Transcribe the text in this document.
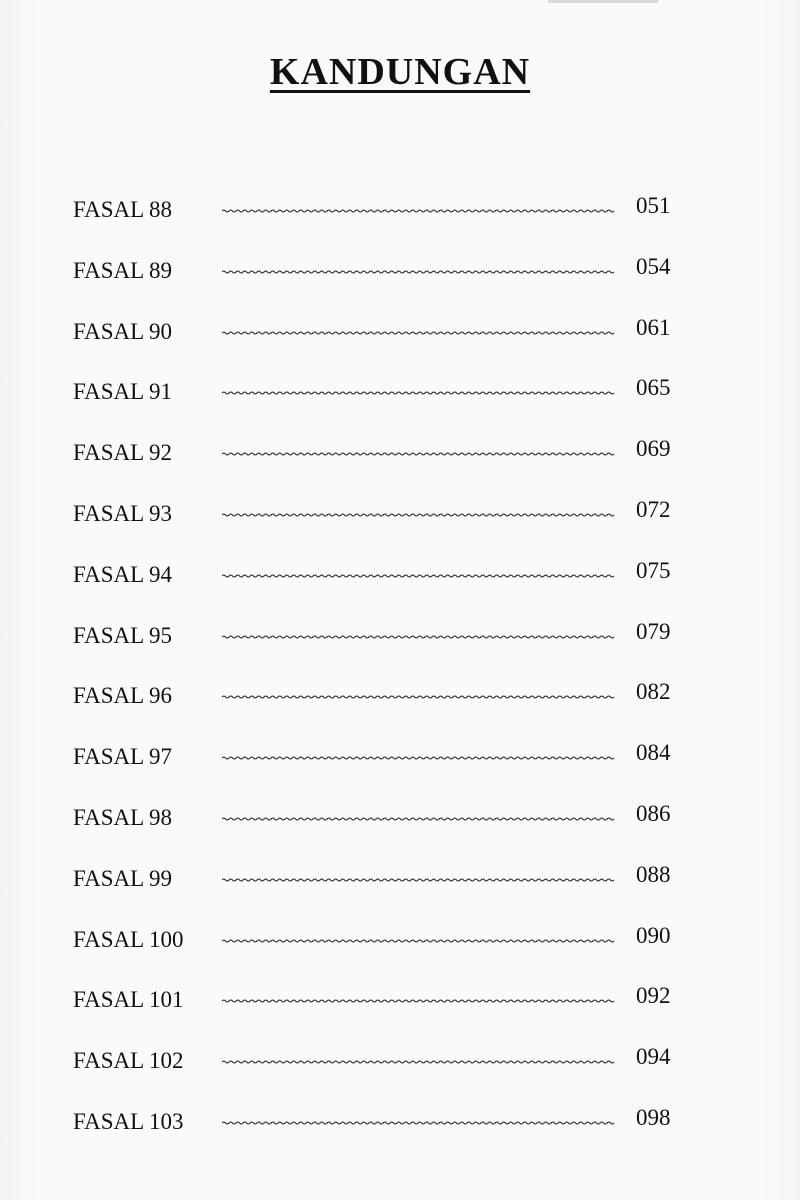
KANDUNGAN
FASAL 88	051
FASAL 89	054
FASAL 90	061
FASAL 91	065
FASAL 92	069
FASAL 93	072
FASAL 94	075
FASAL 95	079
FASAL 96	082
FASAL 97	084
FASAL 98	086
FASAL 99	088
FASAL 100	090
FASAL 101	092
FASAL 102	094
FASAL 103	098
